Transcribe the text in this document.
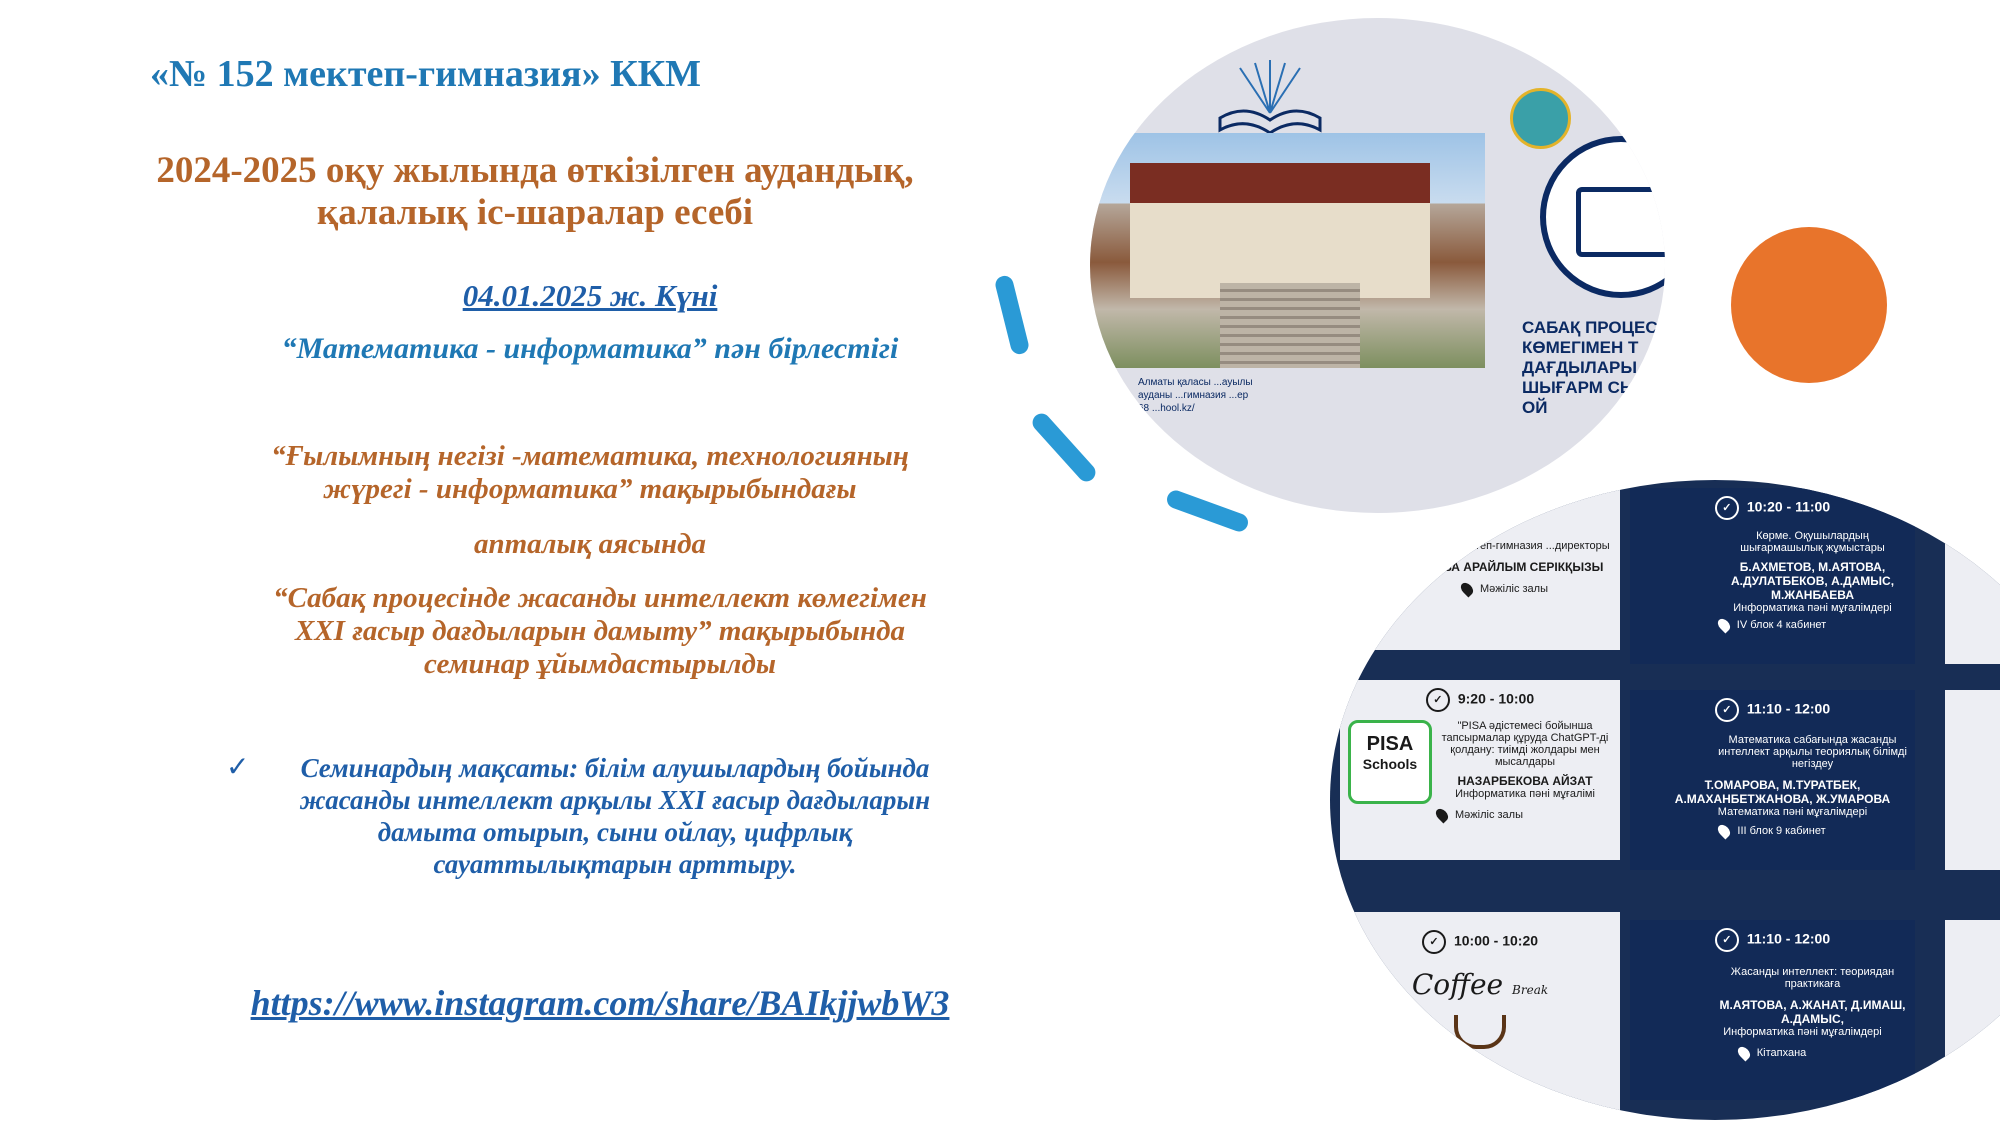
«№ 152 мектеп-гимназия» ККМ
2024-2025 оқу жылында өткізілген аудандық,
қалалық іс-шаралар есебі
04.01.2025 ж. Күні
“Математика - информатика” пән бірлестігі
“Ғылымның негізі -математика, технологияның
жүрегі - информатика” тақырыбындағы
апталық аясында
“Сабақ процесінде жасанды интеллект көмегімен
ХХІ ғасыр дағдыларын дамыту” тақырыбында
семинар ұйымдастырылды
✓	Семинардың мақсаты: білім алушылардың бойында
жасанды интеллект арқылы ХХІ ғасыр дағдыларын
дамыта отырып, сыни ойлау, цифрлық
сауаттылықтарын арттыру.
https://www.instagram.com/share/BAIkjjwbW3
САБАҚ ПРОЦЕС КӨМЕГІМЕН Т ДАҒДЫЛАРЫ ШЫҒАРМ СЫНИ ОЙ
Алматы қаласы ...ауылы ауданы ...гимназия ...ер 68 ...hool.kz/
...ылды сөз ...ктеп-гимназия ...директоры
...ИПОВА АРАЙЛЫМ СЕРІКҚЫЗЫ
Мәжіліс залы
✓ 10:20 - 11:00
Көрме. Оқушылардың шығармашылық жұмыстары
Б.АХМЕТОВ, М.АЯТОВА, А.ДУЛАТБЕКОВ, А.ДАМЫС, М.ЖАНБАЕВА
Информатика пәні мұғалімдері
IV блок 4 кабинет
✓ 9:20 - 10:00
PISA
Schools
"PISA әдістемесі бойынша тапсырмалар құруда ChatGPT-ді қолдану: тиімді жолдары мен мысалдары
НАЗАРБЕКОВА АЙЗАТ
Информатика пәні мұғалімі
Мәжіліс залы
✓ 11:10 - 12:00
Математика сабағында жасанды интеллект арқылы теориялық білімді негіздеу
Т.ОМАРОВА, М.ТУРАТБЕК, А.МАХАНБЕТЖАНОВА, Ж.УМАРОВА
Математика пәні мұғалімдері
III блок 9 кабинет
✓ 10:00 - 10:20
Coffee Break
✓ 11:10 - 12:00
Жасанды интеллект: теориядан практикаға
М.АЯТОВА, А.ЖАНАТ, Д.ИМАШ, А.ДАМЫС,
Информатика пәні мұғалімдері
Кітапхана
